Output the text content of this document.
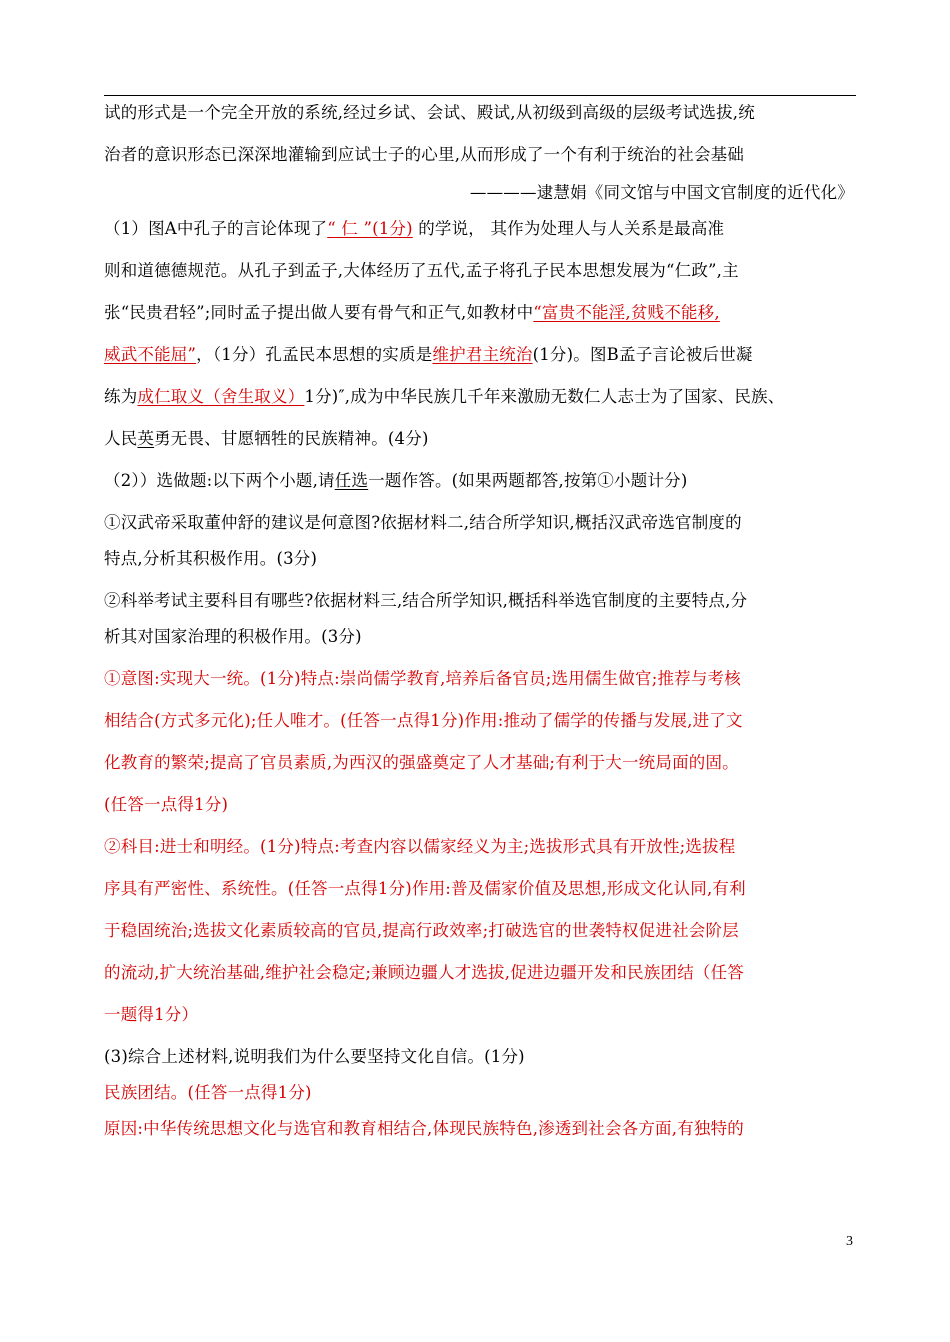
试的形式是一个完全开放的系统,经过乡试、会试、殿试,从初级到高级的层级考试选拔,统
治者的意识形态已深深地灌输到应试士子的心里,从而形成了一个有利于统治的社会基础
————逮慧娟《同文馆与中国文官制度的近代化》
（1）图A中孔子的言论体现了“ 仁 ”(1分) 的学说， 其作为处理人与人关系是最高准
则和道德德规范。从孔子到孟子,大体经历了五代,孟子将孔子民本思想发展为“仁政”,主
张“民贵君轻”;同时孟子提出做人要有骨气和正气,如教材中“富贵不能淫,贫贱不能移,
威武不能屈”，（1分）孔孟民本思想的实质是维护君主统治(1分)。图B孟子言论被后世凝
练为成仁取义（舍生取义）1分)″,成为中华民族几千年来激励无数仁人志士为了国家、民族、
人民英勇无畏、甘愿牺牲的民族精神。(4分)
（2））选做题:以下两个小题,请任选一题作答。(如果两题都答,按第①小题计分)
①汉武帝采取董仲舒的建议是何意图?依据材料二,结合所学知识,概括汉武帝选官制度的
特点,分析其积极作用。(3分)
②科举考试主要科目有哪些?依据材料三,结合所学知识,概括科举选官制度的主要特点,分
析其对国家治理的积极作用。(3分)
①意图:实现大一统。(1分)特点:崇尚儒学教育,培养后备官员;选用儒生做官;推荐与考核
相结合(方式多元化);任人唯才。(任答一点得1分)作用:推动了儒学的传播与发展,进了文
化教育的繁荣;提高了官员素质,为西汉的强盛奠定了人才基础;有利于大一统局面的固。
(任答一点得1分)
②科目:进士和明经。(1分)特点:考查内容以儒家经义为主;选拔形式具有开放性;选拔程
序具有严密性、系统性。(任答一点得1分)作用:普及儒家价值及思想,形成文化认同,有利
于稳固统治;选拔文化素质较高的官员,提高行政效率;打破选官的世袭特权促进社会阶层
的流动,扩大统治基础,维护社会稳定;兼顾边疆人才选拔,促进边疆开发和民族团结（任答
一题得1分）
(3)综合上述材料,说明我们为什么要坚持文化自信。(1分)
民族团结。(任答一点得1分)
原因:中华传统思想文化与选官和教育相结合,体现民族特色,渗透到社会各方面,有独特的
3
